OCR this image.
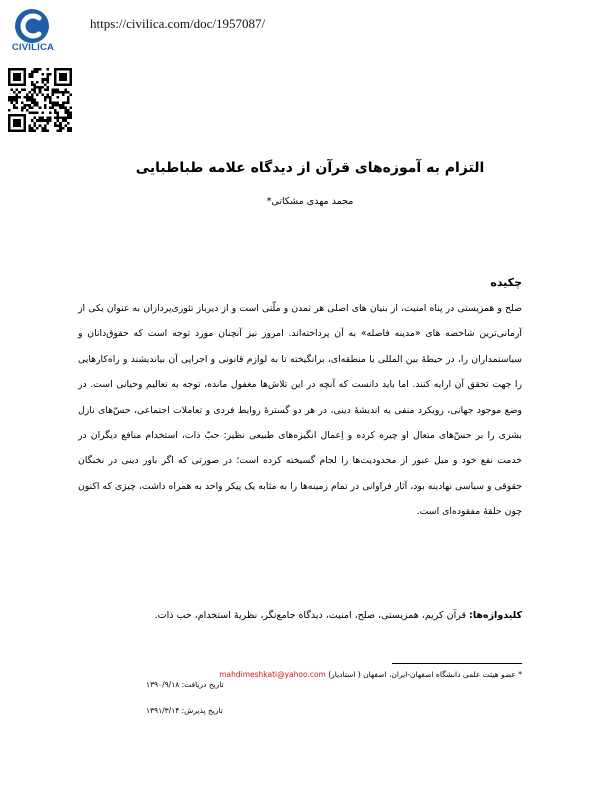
CIVILICA
https://civilica.com/doc/1957087/
التزام به آموزه‌های قرآن از دیدگاه علامه طباطبایی
محمد مهدی مشکاتی*
چکیده
صلح و همزیستی در پناه امنیت، از بنیان های اصلی هر تمدن و ملّتی است و از دیرباز تئوری‌پردازان به عنوان یکی از آرمانی‌ترین شاخصه های «مدینه فاضله» به آن پرداخته‌اند. امروز نیز آنچنان مورد توجه است که حقوق‌دانان و سیاستمداران را، در حیطۀ بین المللی یا منطقه‌ای، برانگیخته تا به لوازم قانونی و اجرایی آن بیاندیشند و راه‌کارهایی را جهت تحقق آن ارایه کنند. اما باید دانست که آنچه در این تلاش‌ها مغفول مانده، توجه به تعالیم وحیانی است. در وضع موجود جهانی، رویکرد منفی به اندیشۀ دینی، در هر دو گسترۀ روابط فردی و تعاملات اجتماعی، حسّ‌های نازل بشری را بر حسّ‌های متعال او چیره کرده و اِعمال انگیزه‌های طبیعی نظیر: حبّ ذات، استخدام منافع دیگران در خدمت نفع خود و میل عبور از محدودیت‌ها را لجام گسیخته کرده است؛ در صورتی که اگر باور دینی در نخبگان حقوقی و سیاسی نهادینه بود، آثار فراوانی در تمام زمینه‌ها را به مثابه یک پیکر واحد به همراه داشت، چیزی که اکنون چون حلقۀ مفقوده‌ای است.
کلیدواژه‌ها: قرآن کریم، همزیستی، صلح، امنیت، دیدگاه جامع‌نگر، نظریۀ استخدام، حب ذات.
* عضو هیئت علمی دانشگاه اصفهان-ایران، اصفهان ( استادیار) mahdimeshkati@yahoo.com
تاریخ دریافت: ۱۳۹۰/۹/۱۸
تاریخ پذیرش: ۱۳۹۱/۳/۱۴
